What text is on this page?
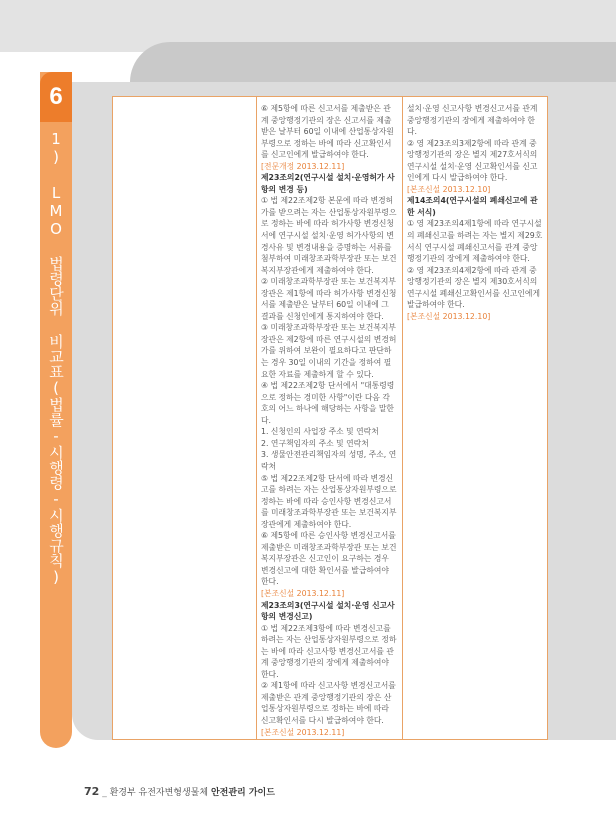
6
1) LMO 법령단위 비교표(법률-시행령-시행규칙)

⑥ 제5항에 따른 신고서를 제출받은 관계 중앙행정기관의 장은 신고서를 제출받은 날부터 60일 이내에 산업통상자원부령으로 정하는 바에 따라 신고확인서를 신고인에게 발급하여야 한다.

[전문개정 2013.12.11]

제23조의2(연구시설 설치·운영허가 사항의 변경 등)

① 법 제22조제2항 본문에 따라 변경허가를 받으려는 자는 산업통상자원부령으로 정하는 바에 따라 허가사항 변경신청서에 연구시설 설치·운영 허가사항의 변경사유 및 변경내용을 증명하는 서류를 첨부하여 미래창조과학부장관 또는 보건복지부장관에게 제출하여야 한다.

② 미래창조과학부장관 또는 보건복지부장관은 제1항에 따라 허가사항 변경신청서를 제출받은 날부터 60일 이내에 그 결과를 신청인에게 통지하여야 한다.

③ 미래창조과학부장관 또는 보건복지부장관은 제2항에 따른 연구시설의 변경허가를 위하여 보완이 필요하다고 판단하는 경우 30일 이내의 기간을 정하여 필요한 자료를 제출하게 할 수 있다.

④ 법 제22조제2항 단서에서 "대통령령으로 정하는 경미한 사항"이란 다음 각 호의 어느 하나에 해당하는 사항을 말한다.

1. 신청인의 사업장 주소 및 연락처

2. 연구책임자의 주소 및 연락처

3. 생물안전관리책임자의 성명, 주소, 연락처

⑤ 법 제22조제2항 단서에 따라 변경신고를 하려는 자는 산업통상자원부령으로 정하는 바에 따라 승인사항 변경신고서를 미래창조과학부장관 또는 보건복지부장관에게 제출하여야 한다.

⑥ 제5항에 따른 승인사항 변경신고서를 제출받은 미래창조과학부장관 또는 보건복지부장관은 신고인이 요구하는 경우 변경신고에 대한 확인서를 발급하여야 한다.

[본조신설 2013.12.11]

제23조의3(연구시설 설치·운영 신고사항의 변경신고)

① 법 제22조제3항에 따라 변경신고를 하려는 자는 산업통상자원부령으로 정하는 바에 따라 신고사항 변경신고서를 관계 중앙행정기관의 장에게 제출하여야 한다.

② 제1항에 따라 신고사항 변경신고서를 제출받은 관계 중앙행정기관의 장은 산업통상자원부령으로 정하는 바에 따라 신고확인서를 다시 발급하여야 한다.

[본조신설 2013.12.11]

설치·운영 신고사항 변경신고서를 관계 중앙행정기관의 장에게 제출하여야 한다.

② 영 제23조의3제2항에 따라 관계 중앙행정기관의 장은 별지 제27호서식의 연구시설 설치·운영 신고확인서를 신고인에게 다시 발급하여야 한다.

[본조신설 2013.12.10]

제14조의4(연구시설의 폐쇄신고에 관한 서식)

① 영 제23조의4제1항에 따라 연구시설의 폐쇄신고를 하려는 자는 별지 제29호서식 연구시설 폐쇄신고서를 관계 중앙행정기관의 장에게 제출하여야 한다.

② 영 제23조의4제2항에 따라 관계 중앙행정기관의 장은 별지 제30호서식의 연구시설 폐쇄신고확인서를 신고인에게 발급하여야 한다.

[본조신설 2013.12.10]

72 _ 환경부 유전자변형생물체 안전관리 가이드
